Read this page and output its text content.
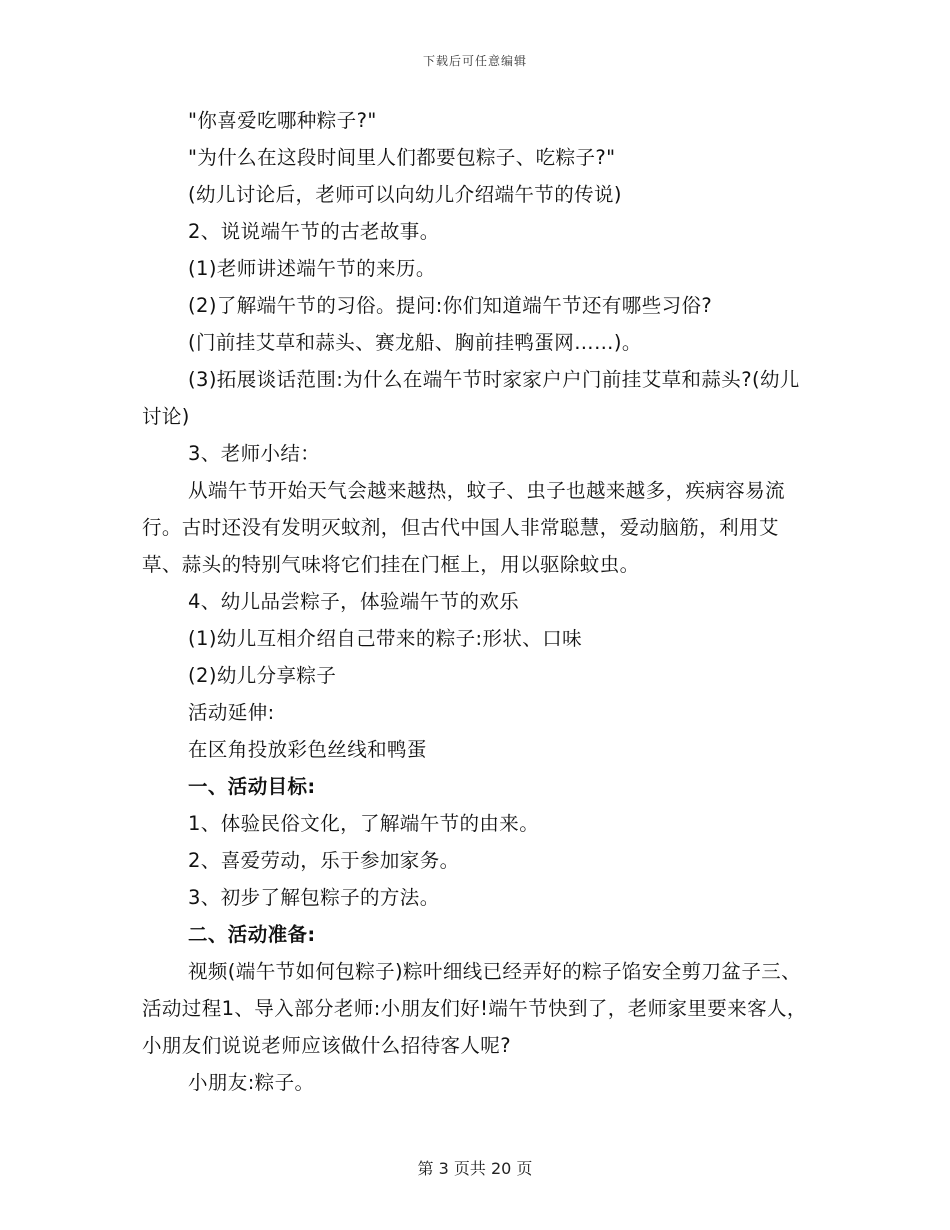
下载后可任意编辑

"你喜爱吃哪种粽子?"

"为什么在这段时间里人们都要包粽子、吃粽子?"

(幼儿讨论后，老师可以向幼儿介绍端午节的传说)

2、说说端午节的古老故事。

(1)老师讲述端午节的来历。

(2)了解端午节的习俗。提问:你们知道端午节还有哪些习俗?

(门前挂艾草和蒜头、赛龙船、胸前挂鸭蛋网……)。

(3)拓展谈话范围:为什么在端午节时家家户户门前挂艾草和蒜头?(幼儿讨论)

3、老师小结：

从端午节开始天气会越来越热，蚊子、虫子也越来越多，疾病容易流行。古时还没有发明灭蚊剂，但古代中国人非常聪慧，爱动脑筋，利用艾草、蒜头的特别气味将它们挂在门框上，用以驱除蚊虫。

4、幼儿品尝粽子，体验端午节的欢乐

(1)幼儿互相介绍自己带来的粽子:形状、口味

(2)幼儿分享粽子

活动延伸:

在区角投放彩色丝线和鸭蛋

一、活动目标:

1、体验民俗文化，了解端午节的由来。

2、喜爱劳动，乐于参加家务。

3、初步了解包粽子的方法。

二、活动准备:

视频(端午节如何包粽子)粽叶细线已经弄好的粽子馅安全剪刀盆子三、活动过程1、导入部分老师:小朋友们好!端午节快到了，老师家里要来客人，小朋友们说说老师应该做什么招待客人呢?

小朋友:粽子。

第 3 页共 20 页
